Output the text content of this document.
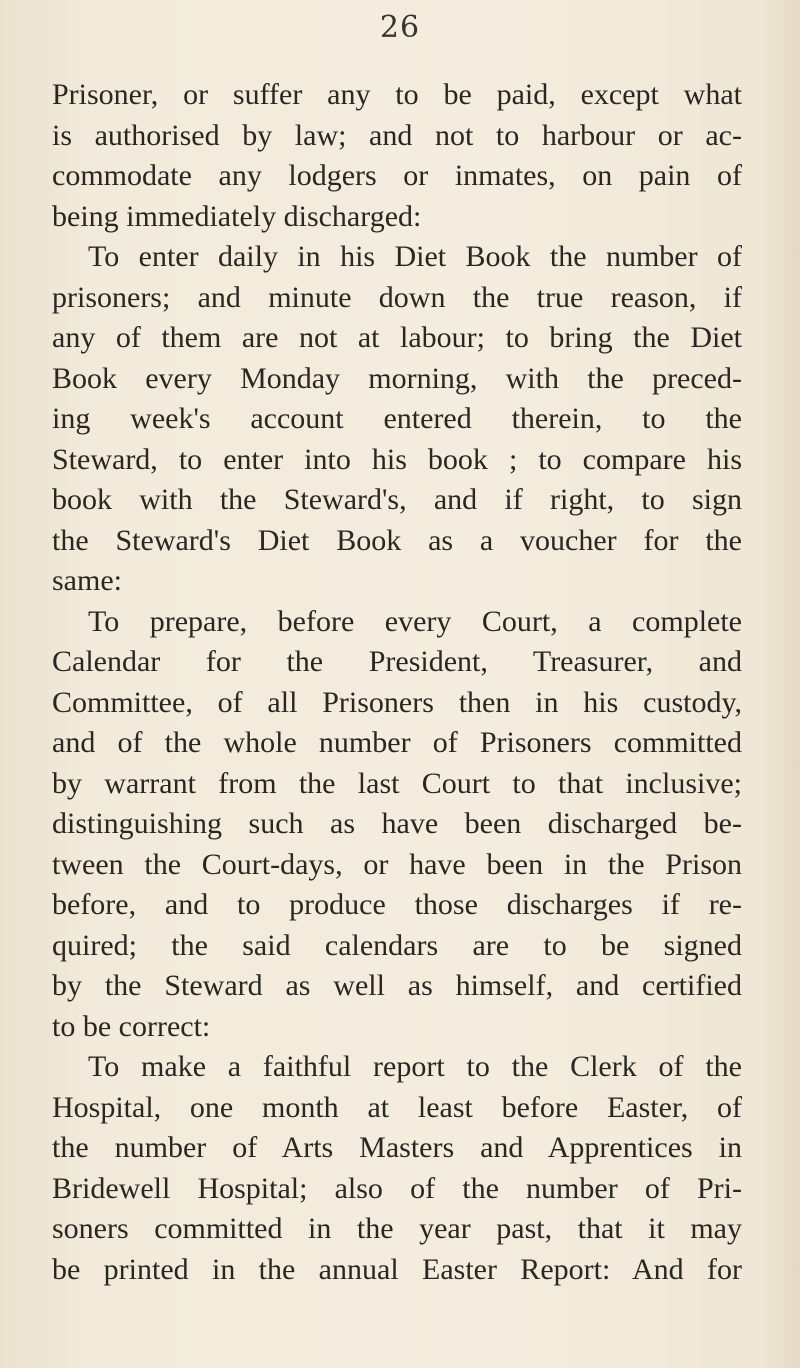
26
Prisoner, or suffer any to be paid, except what
is authorised by law; and not to harbour or ac-
commodate any lodgers or inmates, on pain of
being immediately discharged:
To enter daily in his Diet Book the number of
prisoners; and minute down the true reason, if
any of them are not at labour; to bring the Diet
Book every Monday morning, with the preced-
ing week's account entered therein, to the
Steward, to enter into his book ; to compare his
book with the Steward's, and if right, to sign
the Steward's Diet Book as a voucher for the
same:
To prepare, before every Court, a complete
Calendar for the President, Treasurer, and
Committee, of all Prisoners then in his custody,
and of the whole number of Prisoners committed
by warrant from the last Court to that inclusive;
distinguishing such as have been discharged be-
tween the Court-days, or have been in the Prison
before, and to produce those discharges if re-
quired; the said calendars are to be signed
by the Steward as well as himself, and certified
to be correct:
To make a faithful report to the Clerk of the
Hospital, one month at least before Easter, of
the number of Arts Masters and Apprentices in
Bridewell Hospital; also of the number of Pri-
soners committed in the year past, that it may
be printed in the annual Easter Report: And for
